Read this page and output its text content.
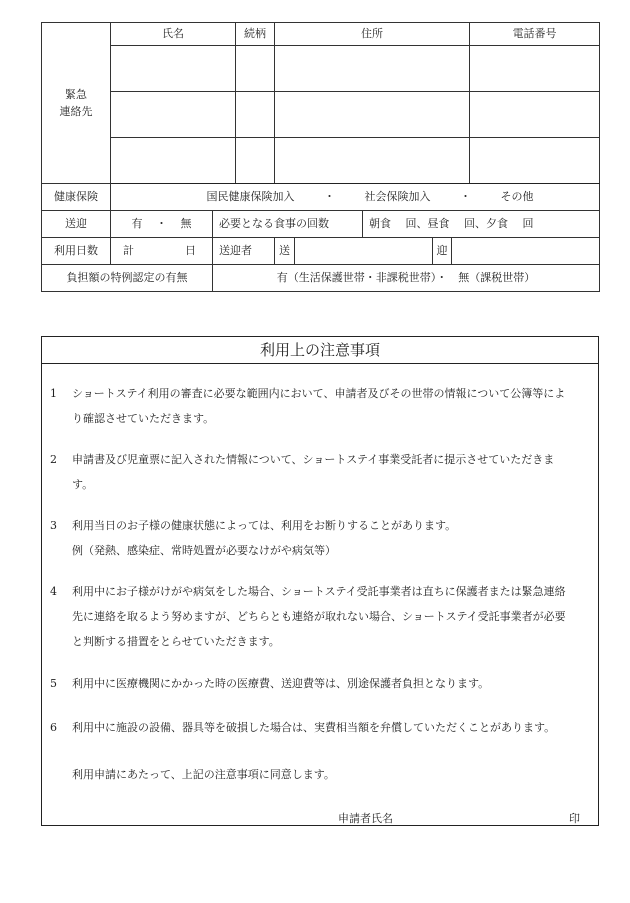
緊急
連絡先	氏名		続柄	住所					電話番号

健康保険	国民健康保険加入 ・ 社会保険加入 ・ その他								
送迎	有 ・ 無	必要となる食事の回数				朝食　 回、昼食　 回、夕食　 回			
利用日数	計 日	送迎者		送			迎		
負担額の特例認定の有無		有（生活保護世帯・非課税世帯）・　無（課税世帯）							
利用上の注意事項
1	ショートステイ利用の審査に必要な範囲内において、申請者及びその世帯の情報について公簿等によ
り確認させていただきます。
2	申請書及び児童票に記入された情報について、ショートステイ事業受託者に提示させていただきま
す。
3	利用当日のお子様の健康状態によっては、利用をお断りすることがあります。
例（発熱、感染症、常時処置が必要なけがや病気等）
4	利用中にお子様がけがや病気をした場合、ショートステイ受託事業者は直ちに保護者または緊急連絡
先に連絡を取るよう努めますが、どちらとも連絡が取れない場合、ショートステイ受託事業者が必要
と判断する措置をとらせていただきます。
5	利用中に医療機関にかかった時の医療費、送迎費等は、別途保護者負担となります。
6	利用中に施設の設備、器具等を破損した場合は、実費相当額を弁償していただくことがあります。
利用申請にあたって、上記の注意事項に同意します。
申請者氏名	印
